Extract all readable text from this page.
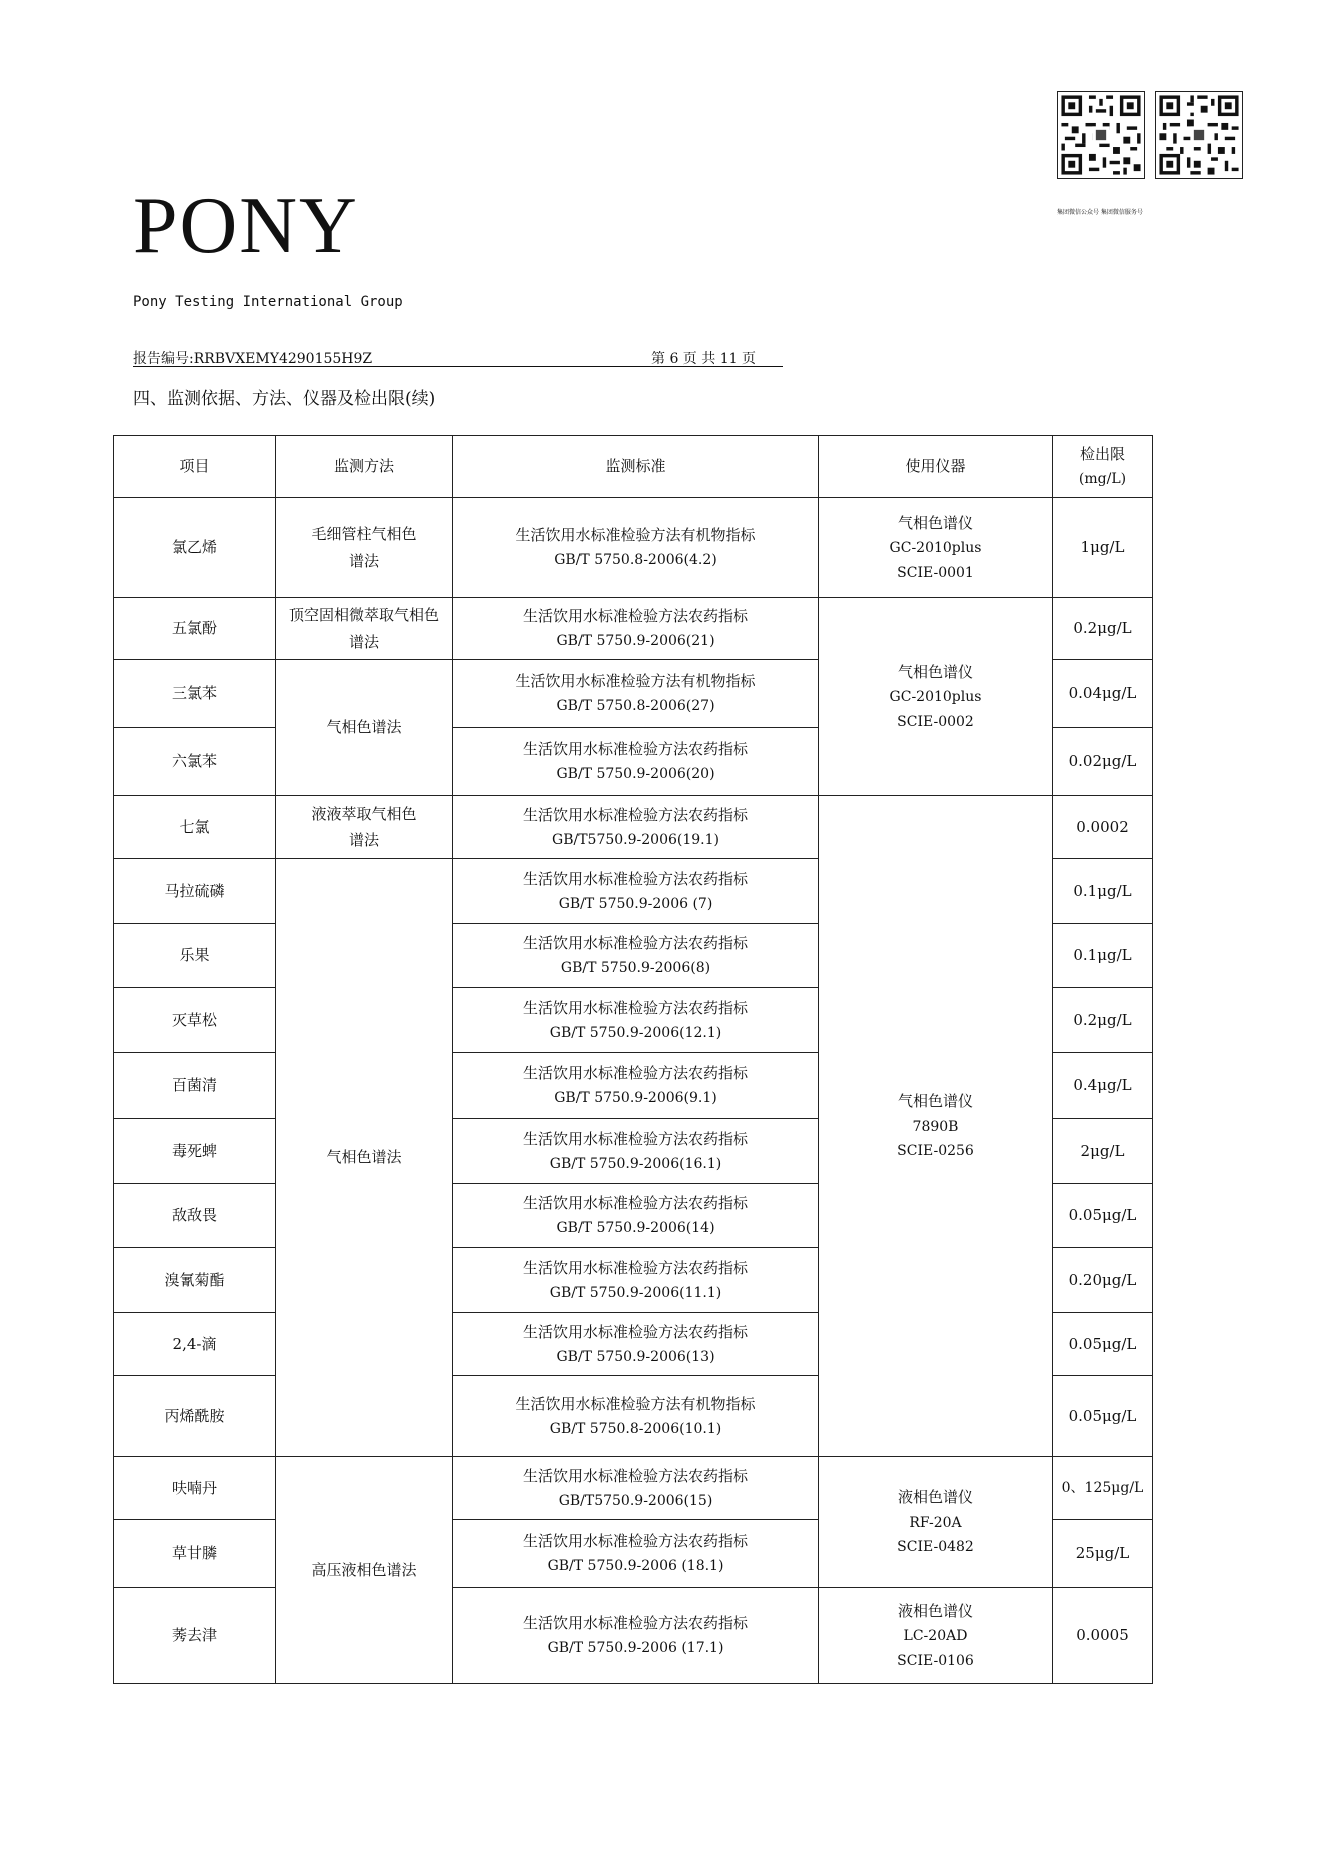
PONY
Pony Testing International Group
集团微信公众号 集团微信服务号
报告编号:RRBVXEMY4290155H9Z	第 6 页 共 11 页
四、监测依据、方法、仪器及检出限(续)
项目	监测方法	监测标准	使用仪器	检出限
(mg/L)

氯乙烯	毛细管柱气相色谱法	生活饮用水标准检验方法有机物指标
GB/T 5750.8-2006(4.2)	气相色谱仪
GC-2010plus
SCIE-0001	1μg/L
五氯酚	顶空固相微萃取气相色谱法	生活饮用水标准检验方法农药指标
GB/T 5750.9-2006(21)	气相色谱仪
GC-2010plus
SCIE-0002	0.2μg/L
三氯苯	气相色谱法	生活饮用水标准检验方法有机物指标
GB/T 5750.8-2006(27)		0.04μg/L
六氯苯		生活饮用水标准检验方法农药指标
GB/T 5750.9-2006(20)		0.02μg/L
七氯	液液萃取气相色谱法	生活饮用水标准检验方法农药指标
GB/T5750.9-2006(19.1)	气相色谱仪
7890B
SCIE-0256	0.0002
马拉硫磷	气相色谱法	生活饮用水标准检验方法农药指标
GB/T 5750.9-2006 (7)		0.1μg/L
乐果		生活饮用水标准检验方法农药指标
GB/T 5750.9-2006(8)		0.1μg/L
灭草松		生活饮用水标准检验方法农药指标
GB/T 5750.9-2006(12.1)		0.2μg/L
百菌清		生活饮用水标准检验方法农药指标
GB/T 5750.9-2006(9.1)		0.4μg/L
毒死蜱		生活饮用水标准检验方法农药指标
GB/T 5750.9-2006(16.1)		2μg/L
敌敌畏		生活饮用水标准检验方法农药指标
GB/T 5750.9-2006(14)		0.05μg/L
溴氰菊酯		生活饮用水标准检验方法农药指标
GB/T 5750.9-2006(11.1)		0.20μg/L
2,4-滴		生活饮用水标准检验方法农药指标
GB/T 5750.9-2006(13)		0.05μg/L
丙烯酰胺		生活饮用水标准检验方法有机物指标
GB/T 5750.8-2006(10.1)		0.05μg/L
呋喃丹	高压液相色谱法	生活饮用水标准检验方法农药指标
GB/T5750.9-2006(15)	液相色谱仪
RF-20A
SCIE-0482	0、125μg/L
草甘膦		生活饮用水标准检验方法农药指标
GB/T 5750.9-2006 (18.1)		25μg/L
莠去津		生活饮用水标准检验方法农药指标
GB/T 5750.9-2006 (17.1)	液相色谱仪
LC-20AD
SCIE-0106	0.0005
